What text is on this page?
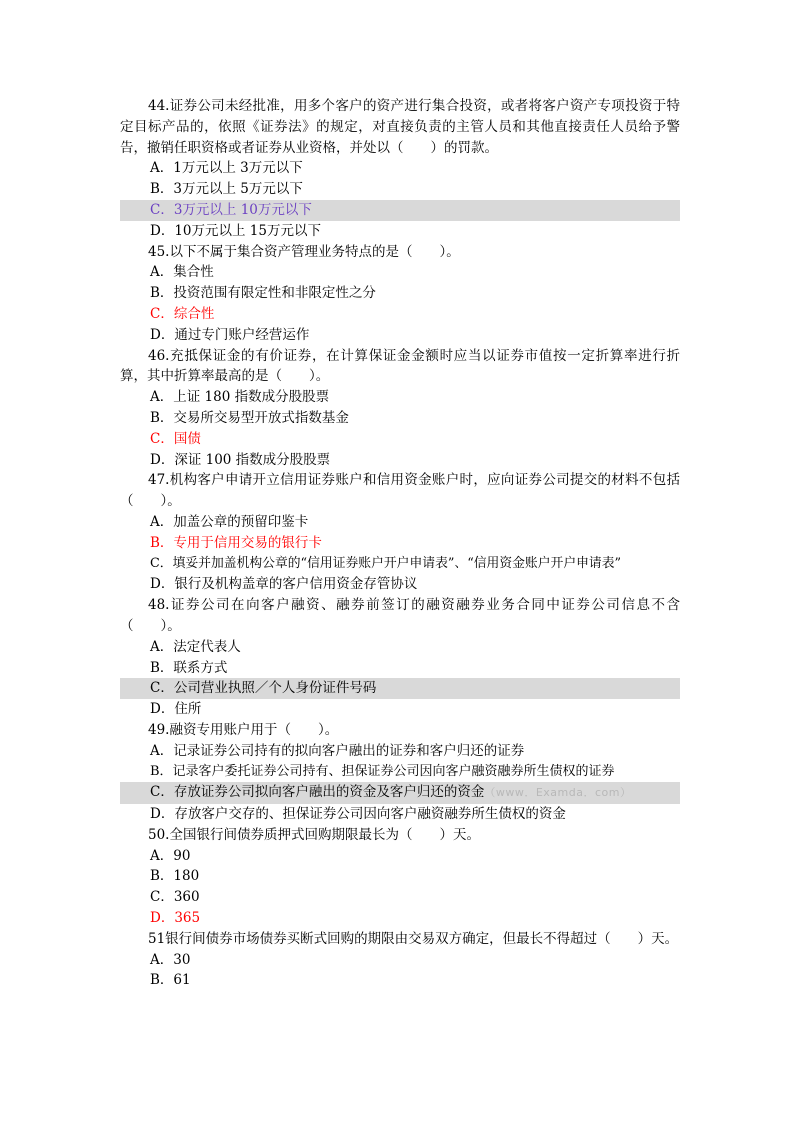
44.证券公司未经批准，用多个客户的资产进行集合投资，或者将客户资产专项投资于特定目标产品的，依照《证券法》的规定，对直接负责的主管人员和其他直接责任人员给予警告，撤销任职资格或者证券从业资格，并处以（　　）的罚款。

A．1万元以上 3万元以下

B．3万元以上 5万元以下

C．3万元以上 10万元以下

D．10万元以上 15万元以下

45.以下不属于集合资产管理业务特点的是（　　）。

A．集合性

B．投资范围有限定性和非限定性之分

C．综合性

D．通过专门账户经营运作

46.充抵保证金的有价证券，在计算保证金金额时应当以证券市值按一定折算率进行折算，其中折算率最高的是（　　）。

A．上证 180 指数成分股股票

B．交易所交易型开放式指数基金

C．国债

D．深证 100 指数成分股股票

47.机构客户申请开立信用证券账户和信用资金账户时，应向证券公司提交的材料不包括（　　）。

A．加盖公章的预留印鉴卡

B．专用于信用交易的银行卡

C．填妥并加盖机构公章的“信用证券账户开户申请表”、“信用资金账户开户申请表”

D．银行及机构盖章的客户信用资金存管协议

48.证券公司在向客户融资、融券前签订的融资融券业务合同中证券公司信息不含（　　）。

A．法定代表人

B．联系方式

C．公司营业执照／个人身份证件号码

D．住所

49.融资专用账户用于（　　）。

A．记录证券公司持有的拟向客户融出的证券和客户归还的证券

B．记录客户委托证券公司持有、担保证券公司因向客户融资融券所生债权的证券

C．存放证券公司拟向客户融出的资金及客户归还的资金（www．Examda．com）

D．存放客户交存的、担保证券公司因向客户融资融券所生债权的资金

50.全国银行间债券质押式回购期限最长为（　　）天。

A．90

B．180

C．360

D．365

51银行间债券市场债券买断式回购的期限由交易双方确定，但最长不得超过（　　）天。

A．30

B．61
